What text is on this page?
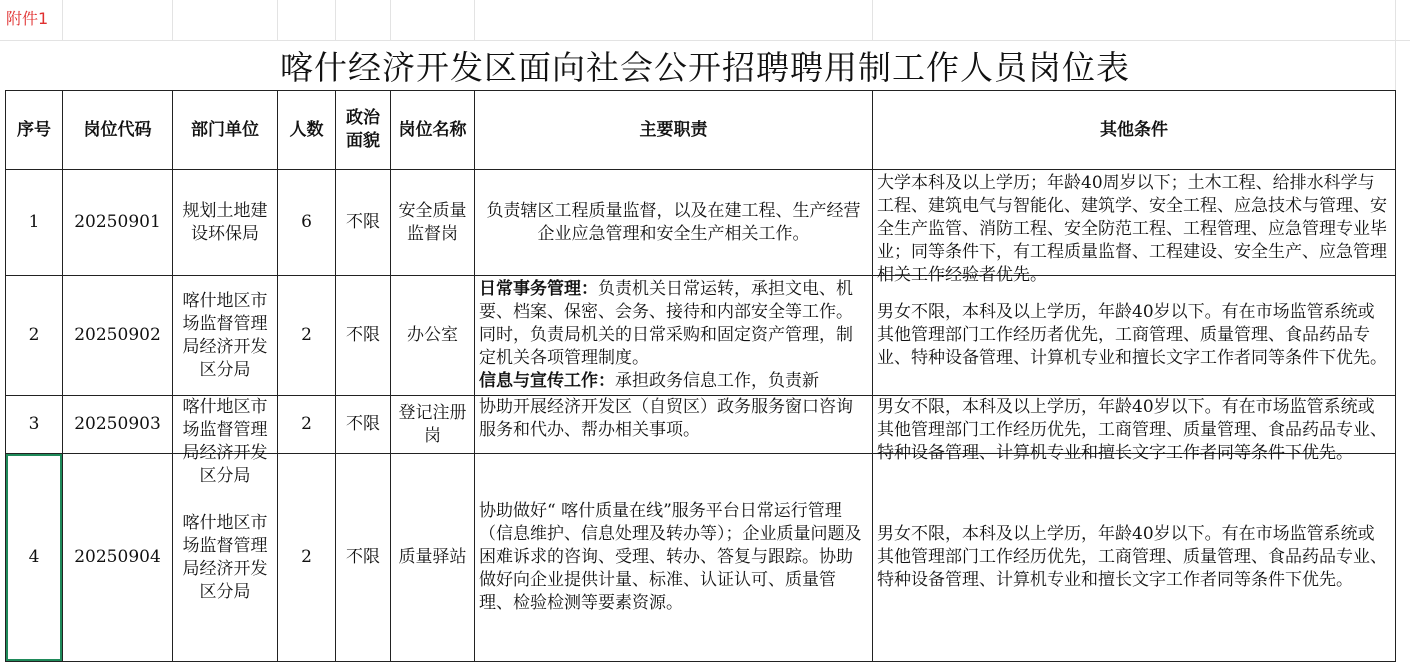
附件1
喀什经济开发区面向社会公开招聘聘用制工作人员岗位表
序号	岗位代码	部门单位	人数	政治面貌	岗位名称	主要职责	其他条件
1	20250901	规划土地建设环保局	6	不限	安全质量监督岗	负责辖区工程质量监督，以及在建工程、生产经营企业应急管理和安全生产相关工作。	大学本科及以上学历；年龄40周岁以下；土木工程、给排水科学与工程、建筑电气与智能化、建筑学、安全工程、应急技术与管理、安全生产监管、消防工程、安全防范工程、工程管理、应急管理专业毕业；同等条件下，有工程质量监督、工程建设、安全生产、应急管理相关工作经验者优先。

2	20250902	喀什地区市场监督管理局经济开发区分局	2	不限	办公室	日常事务管理：负责机关日常运转，承担文电、机要、档案、保密、会务、接待和内部安全等工作。同时，负责局机关的日常采购和固定资产管理，制定机关各项管理制度。
信息与宣传工作：承担政务信息工作，负责新	男女不限，本科及以上学历，年龄40岁以下。有在市场监管系统或其他管理部门工作经历者优先，工商管理、质量管理、食品药品专业、特种设备管理、计算机专业和擅长文字工作者同等条件下优先。
3	20250903	喀什地区市场监督管理局经济开发区分局	2	不限	登记注册岗	协助开展经济开发区（自贸区）政务服务窗口咨询服务和代办、帮办相关事项。	男女不限，本科及以上学历，年龄40岁以下。有在市场监管系统或其他管理部门工作经历优先，工商管理、质量管理、食品药品专业、特种设备管理、计算机专业和擅长文字工作者同等条件下优先。

4	20250904	喀什地区市场监督管理局经济开发区分局	2	不限	质量驿站	协助做好“ 喀什质量在线”服务平台日常运行管理（信息维护、信息处理及转办等）；企业质量问题及困难诉求的咨询、受理、转办、答复与跟踪。协助做好向企业提供计量、标准、认证认可、质量管理、检验检测等要素资源。	男女不限，本科及以上学历，年龄40岁以下。有在市场监管系统或其他管理部门工作经历优先，工商管理、质量管理、食品药品专业、特种设备管理、计算机专业和擅长文字工作者同等条件下优先。
